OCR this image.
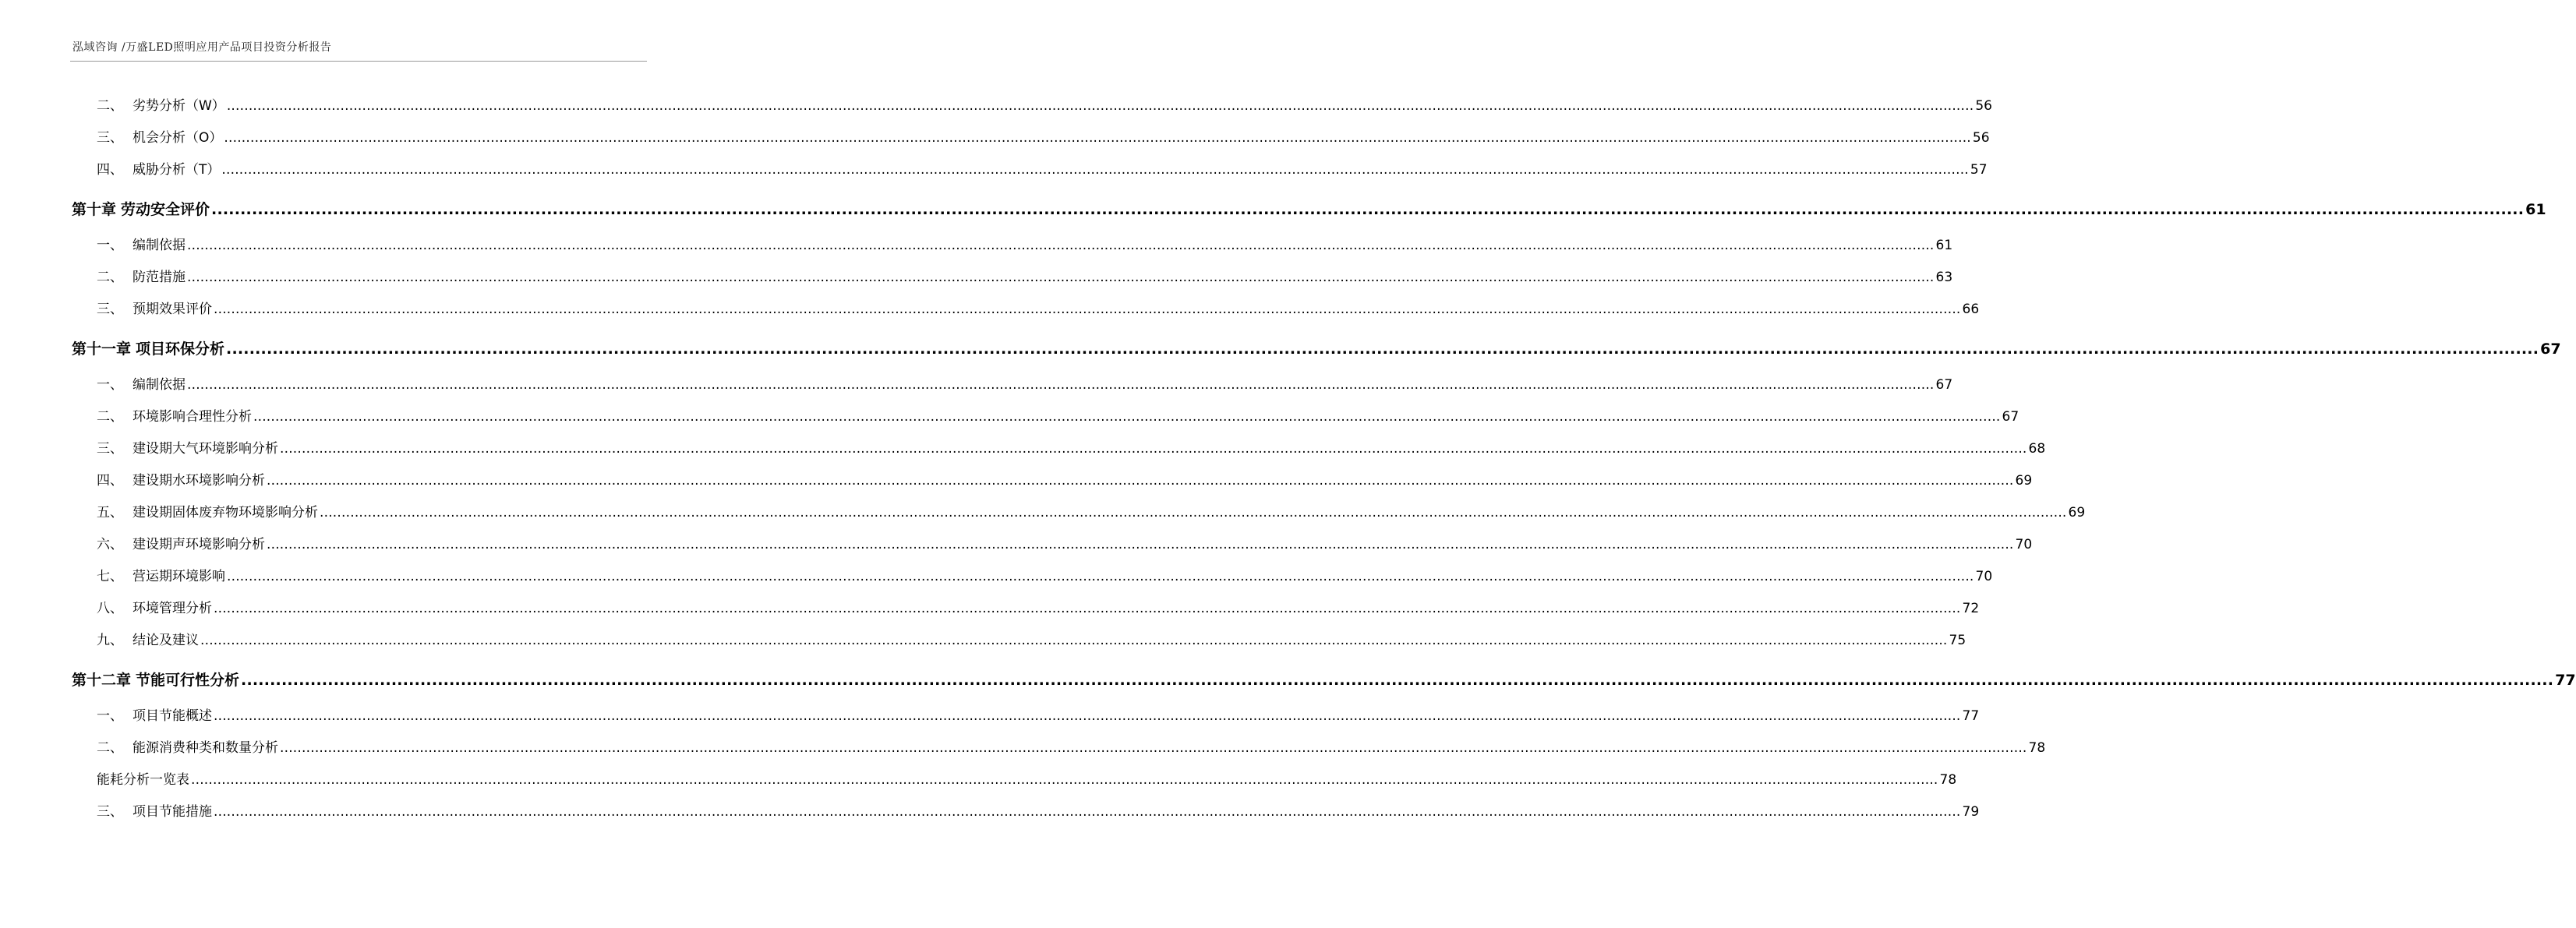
泓域咨询 /万盛LED照明应用产品项目投资分析报告
二、 劣势分析（W） ................................................................................................................................................................................................................................................................................................................................................................................................................ 56
三、 机会分析（O） ................................................................................................................................................................................................................................................................................................................................................................................................................ 56
四、 威胁分析（T） ................................................................................................................................................................................................................................................................................................................................................................................................................ 57
第十章 劳动安全评价 ................................................................................................................................................................................................................................................................................................................................................................................................................ 61
一、 编制依据 ................................................................................................................................................................................................................................................................................................................................................................................................................ 61
二、 防范措施 ................................................................................................................................................................................................................................................................................................................................................................................................................ 63
三、 预期效果评价 ................................................................................................................................................................................................................................................................................................................................................................................................................ 66
第十一章 项目环保分析 ................................................................................................................................................................................................................................................................................................................................................................................................................ 67
一、 编制依据 ................................................................................................................................................................................................................................................................................................................................................................................................................ 67
二、 环境影响合理性分析 ................................................................................................................................................................................................................................................................................................................................................................................................................ 67
三、 建设期大气环境影响分析 ................................................................................................................................................................................................................................................................................................................................................................................................................ 68
四、 建设期水环境影响分析 ................................................................................................................................................................................................................................................................................................................................................................................................................ 69
五、 建设期固体废弃物环境影响分析 ................................................................................................................................................................................................................................................................................................................................................................................................................ 69
六、 建设期声环境影响分析 ................................................................................................................................................................................................................................................................................................................................................................................................................ 70
七、 营运期环境影响 ................................................................................................................................................................................................................................................................................................................................................................................................................ 70
八、 环境管理分析 ................................................................................................................................................................................................................................................................................................................................................................................................................ 72
九、 结论及建议 ................................................................................................................................................................................................................................................................................................................................................................................................................ 75
第十二章 节能可行性分析 ................................................................................................................................................................................................................................................................................................................................................................................................................ 77
一、 项目节能概述 ................................................................................................................................................................................................................................................................................................................................................................................................................ 77
二、 能源消费种类和数量分析 ................................................................................................................................................................................................................................................................................................................................................................................................................ 78
能耗分析一览表 ................................................................................................................................................................................................................................................................................................................................................................................................................ 78
三、 项目节能措施 ................................................................................................................................................................................................................................................................................................................................................................................................................ 79
